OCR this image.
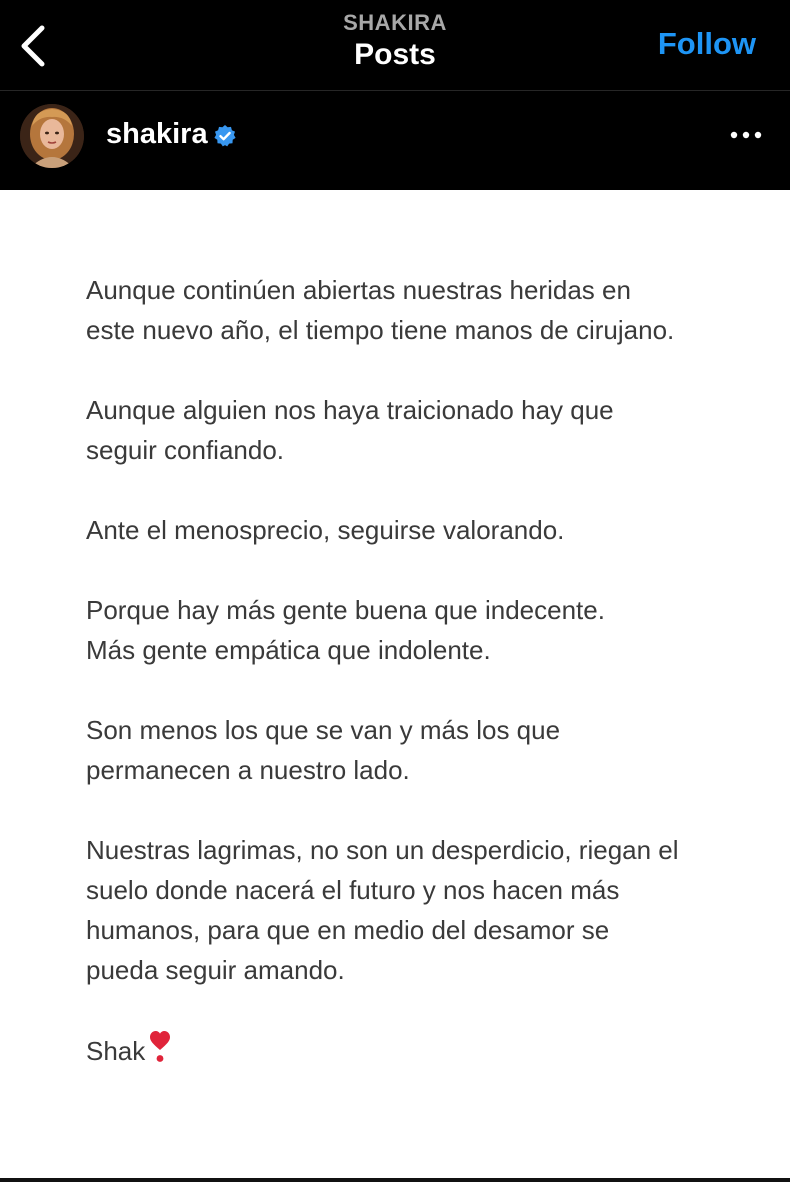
SHAKIRA
Posts	Follow
shakira

Aunque continúen abiertas nuestras heridas en
este nuevo año, el tiempo tiene manos de cirujano.

Aunque alguien nos haya traicionado hay que
seguir confiando.

Ante el menosprecio, seguirse valorando.

Porque hay más gente buena que indecente.
Más gente empática que indolente.

Son menos los que se van y más los que
permanecen a nuestro lado.

Nuestras lagrimas, no son un desperdicio, riegan el
suelo donde nacerá el futuro y nos hacen más
humanos, para que en medio del desamor se
pueda seguir amando.

Shak
